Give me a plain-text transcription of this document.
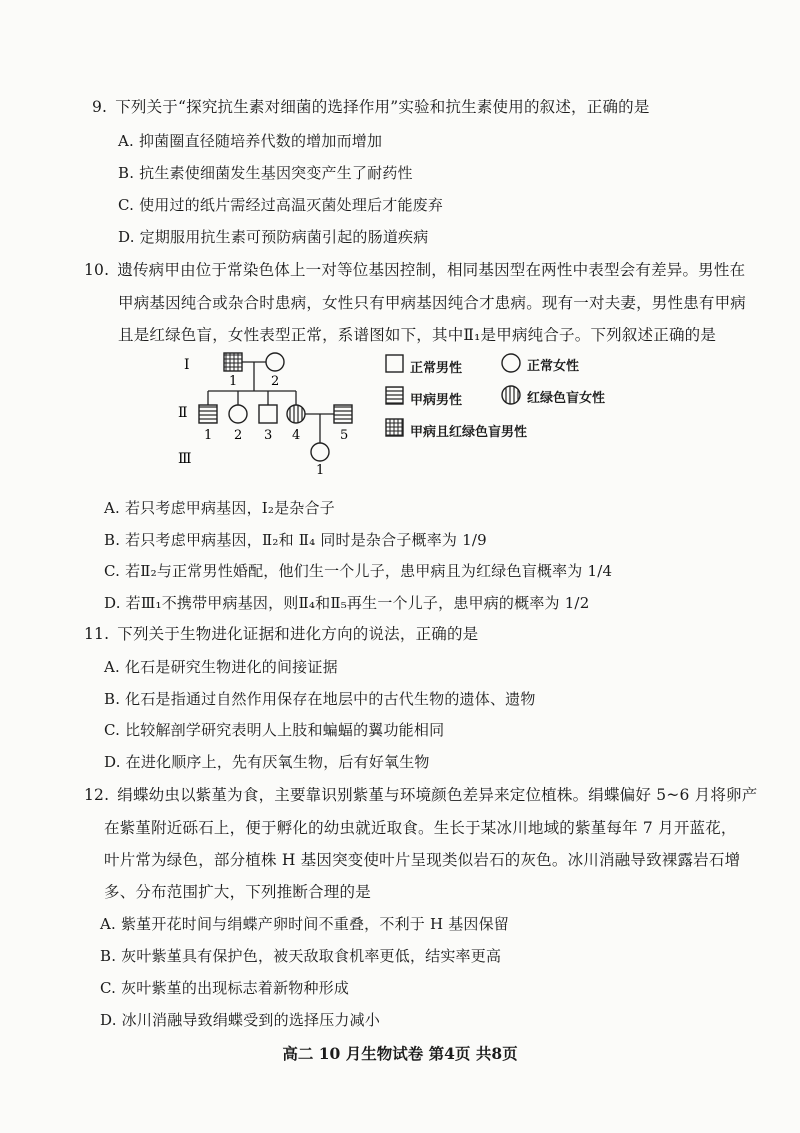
9. 下列关于“探究抗生素对细菌的选择作用”实验和抗生素使用的叙述，正确的是
A. 抑菌圈直径随培养代数的增加而增加
B. 抗生素使细菌发生基因突变产生了耐药性
C. 使用过的纸片需经过高温灭菌处理后才能废弃
D. 定期服用抗生素可预防病菌引起的肠道疾病
10. 遗传病甲由位于常染色体上一对等位基因控制，相同基因型在两性中表型会有差异。男性在
甲病基因纯合或杂合时患病，女性只有甲病基因纯合才患病。现有一对夫妻，男性患有甲病
且是红绿色盲，女性表型正常，系谱图如下，其中Ⅱ₁是甲病纯合子。下列叙述正确的是
Ⅰ
Ⅱ
Ⅲ
1	2
1 2 3 4	5
1
正常男性	正常女性
甲病男性	红绿色盲女性
甲病且红绿色盲男性
A. 若只考虑甲病基因，Ⅰ₂是杂合子
B. 若只考虑甲病基因，Ⅱ₂和 Ⅱ₄ 同时是杂合子概率为 1/9
C. 若Ⅱ₂与正常男性婚配，他们生一个儿子，患甲病且为红绿色盲概率为 1/4
D. 若Ⅲ₁不携带甲病基因，则Ⅱ₄和Ⅱ₅再生一个儿子，患甲病的概率为 1/2
11. 下列关于生物进化证据和进化方向的说法，正确的是
A. 化石是研究生物进化的间接证据
B. 化石是指通过自然作用保存在地层中的古代生物的遗体、遗物
C. 比较解剖学研究表明人上肢和蝙蝠的翼功能相同
D. 在进化顺序上，先有厌氧生物，后有好氧生物
12. 绢蝶幼虫以紫堇为食，主要靠识别紫堇与环境颜色差异来定位植株。绢蝶偏好 5~6 月将卵产
在紫堇附近砾石上，便于孵化的幼虫就近取食。生长于某冰川地域的紫堇每年 7 月开蓝花，
叶片常为绿色，部分植株 H 基因突变使叶片呈现类似岩石的灰色。冰川消融导致裸露岩石增
多、分布范围扩大，下列推断合理的是
A. 紫堇开花时间与绢蝶产卵时间不重叠，不利于 H 基因保留
B. 灰叶紫堇具有保护色，被天敌取食机率更低，结实率更高
C. 灰叶紫堇的出现标志着新物种形成
D. 冰川消融导致绢蝶受到的选择压力减小
高二 10 月生物试卷 第4页 共8页
